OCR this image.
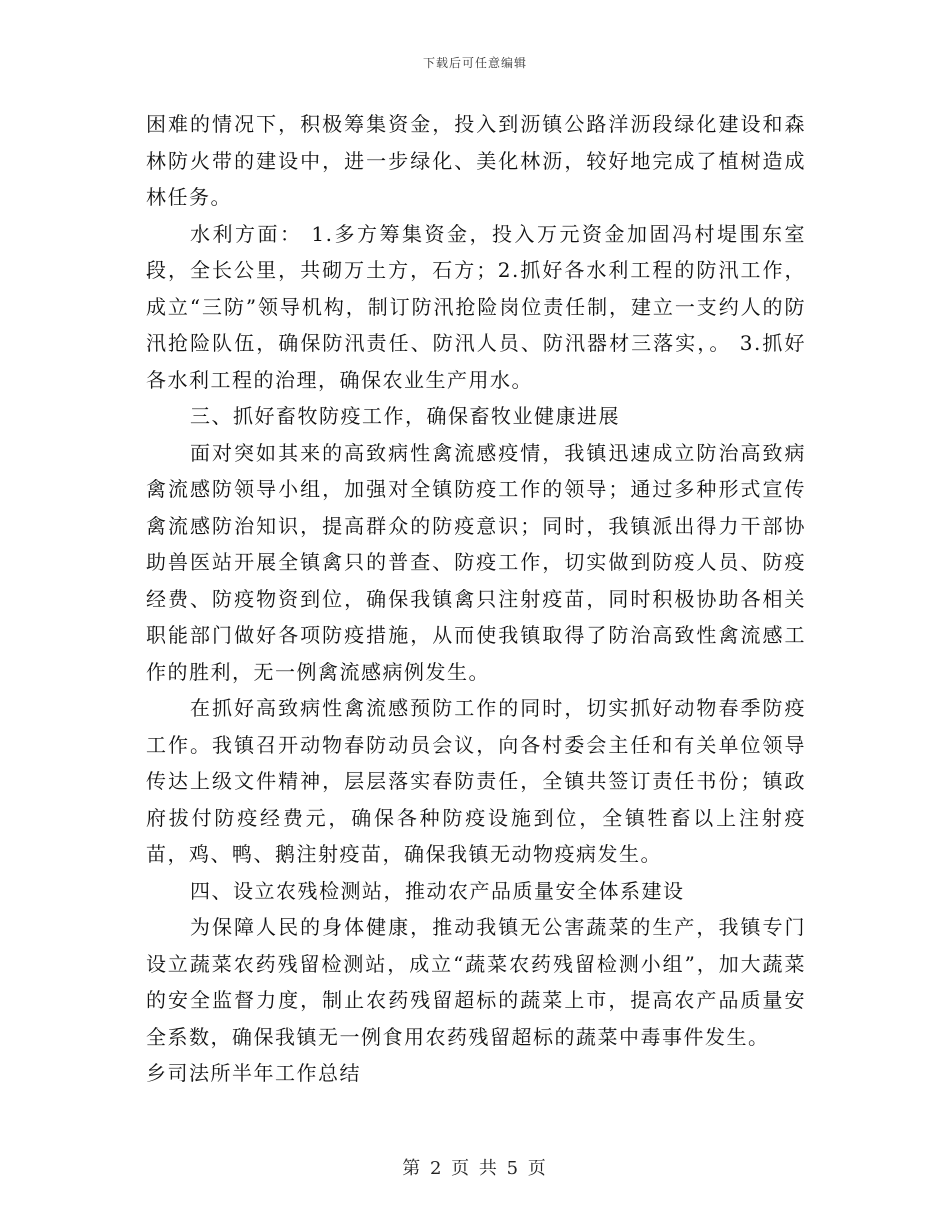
下载后可任意编辑

困难的情况下，积极筹集资金，投入到沥镇公路洋沥段绿化建设和森林防火带的建设中，进一步绿化、美化林沥，较好地完成了植树造成林任务。

水利方面： 1.多方筹集资金，投入万元资金加固冯村堤围东室段，全长公里，共砌万土方，石方；2.抓好各水利工程的防汛工作，成立“三防”领导机构，制订防汛抢险岗位责任制，建立一支约人的防汛抢险队伍，确保防汛责任、防汛人员、防汛器材三落实，。 3.抓好各水利工程的治理，确保农业生产用水。

三、抓好畜牧防疫工作，确保畜牧业健康进展

面对突如其来的高致病性禽流感疫情，我镇迅速成立防治高致病禽流感防领导小组，加强对全镇防疫工作的领导；通过多种形式宣传禽流感防治知识，提高群众的防疫意识；同时，我镇派出得力干部协助兽医站开展全镇禽只的普查、防疫工作，切实做到防疫人员、防疫经费、防疫物资到位，确保我镇禽只注射疫苗，同时积极协助各相关职能部门做好各项防疫措施，从而使我镇取得了防治高致性禽流感工作的胜利，无一例禽流感病例发生。

在抓好高致病性禽流感预防工作的同时，切实抓好动物春季防疫工作。我镇召开动物春防动员会议，向各村委会主任和有关单位领导传达上级文件精神，层层落实春防责任，全镇共签订责任书份；镇政府拔付防疫经费元，确保各种防疫设施到位，全镇牲畜以上注射疫苗，鸡、鸭、鹅注射疫苗，确保我镇无动物疫病发生。

四、设立农残检测站，推动农产品质量安全体系建设

为保障人民的身体健康，推动我镇无公害蔬菜的生产，我镇专门设立蔬菜农药残留检测站，成立“蔬菜农药残留检测小组”，加大蔬菜的安全监督力度，制止农药残留超标的蔬菜上市，提高农产品质量安全系数，确保我镇无一例食用农药残留超标的蔬菜中毒事件发生。

乡司法所半年工作总结

第 2 页 共 5 页
